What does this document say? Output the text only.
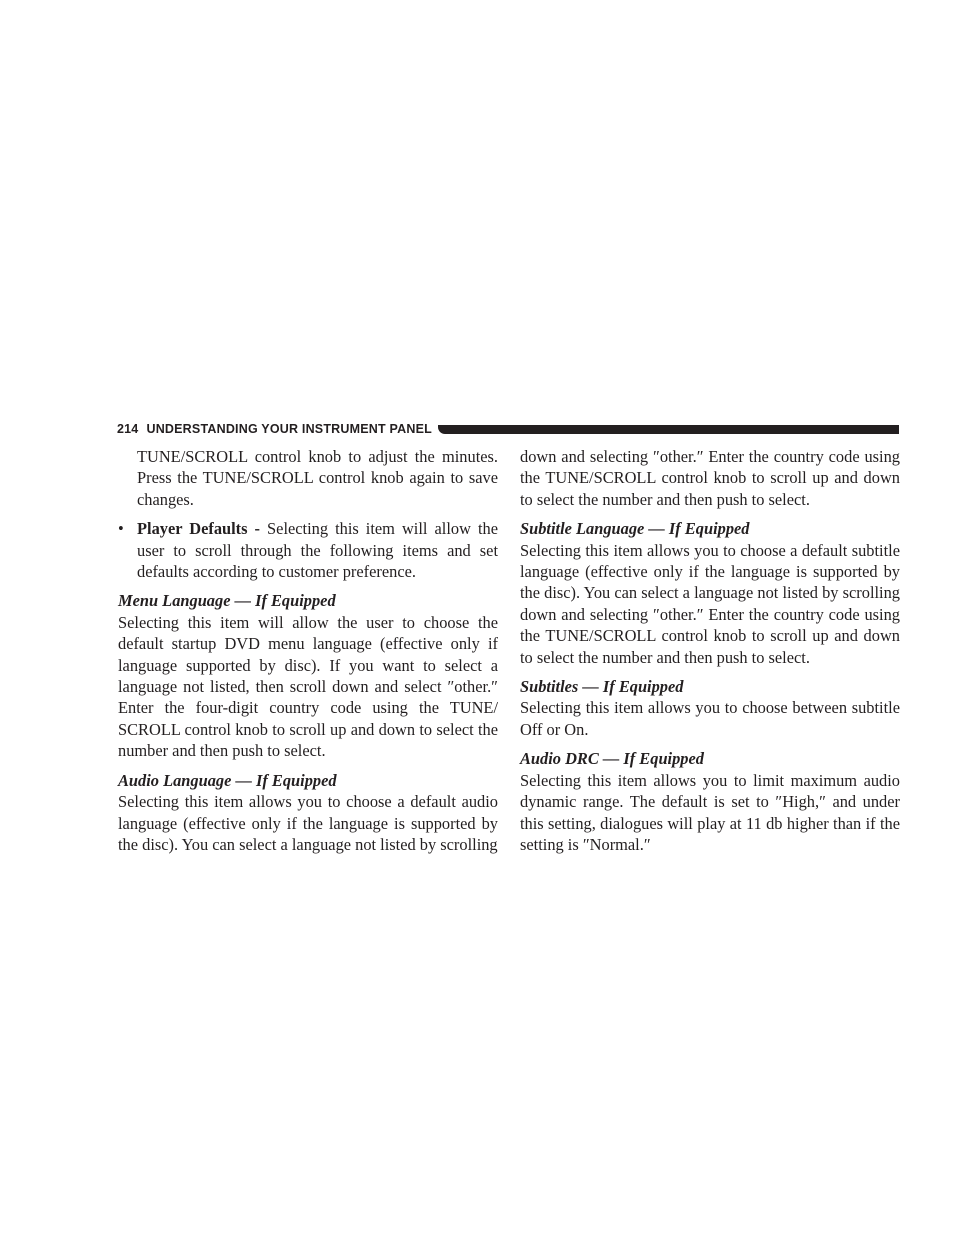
214 UNDERSTANDING YOUR INSTRUMENT PANEL

TUNE/SCROLL control knob to adjust the minutes. Press the TUNE/SCROLL control knob again to save changes.

• Player Defaults - Selecting this item will allow the user to scroll through the following items and set defaults according to customer preference.

Menu Language — If Equipped

Selecting this item will allow the user to choose the default startup DVD menu language (effective only if language supported by disc). If you want to select a language not listed, then scroll down and select ″other.″ Enter the four-digit country code using the TUNE/ SCROLL control knob to scroll up and down to select the number and then push to select.

Audio Language — If Equipped

Selecting this item allows you to choose a default audio language (effective only if the language is supported by the disc). You can select a language not listed by scrolling

down and selecting ″other.″ Enter the country code using the TUNE/SCROLL control knob to scroll up and down to select the number and then push to select.

Subtitle Language — If Equipped

Selecting this item allows you to choose a default subtitle language (effective only if the language is supported by the disc). You can select a language not listed by scrolling down and selecting ″other.″ Enter the country code using the TUNE/SCROLL control knob to scroll up and down to select the number and then push to select.

Subtitles — If Equipped

Selecting this item allows you to choose between subtitle Off or On.

Audio DRC — If Equipped

Selecting this item allows you to limit maximum audio dynamic range. The default is set to ″High,″ and under this setting, dialogues will play at 11 db higher than if the setting is ″Normal.″
